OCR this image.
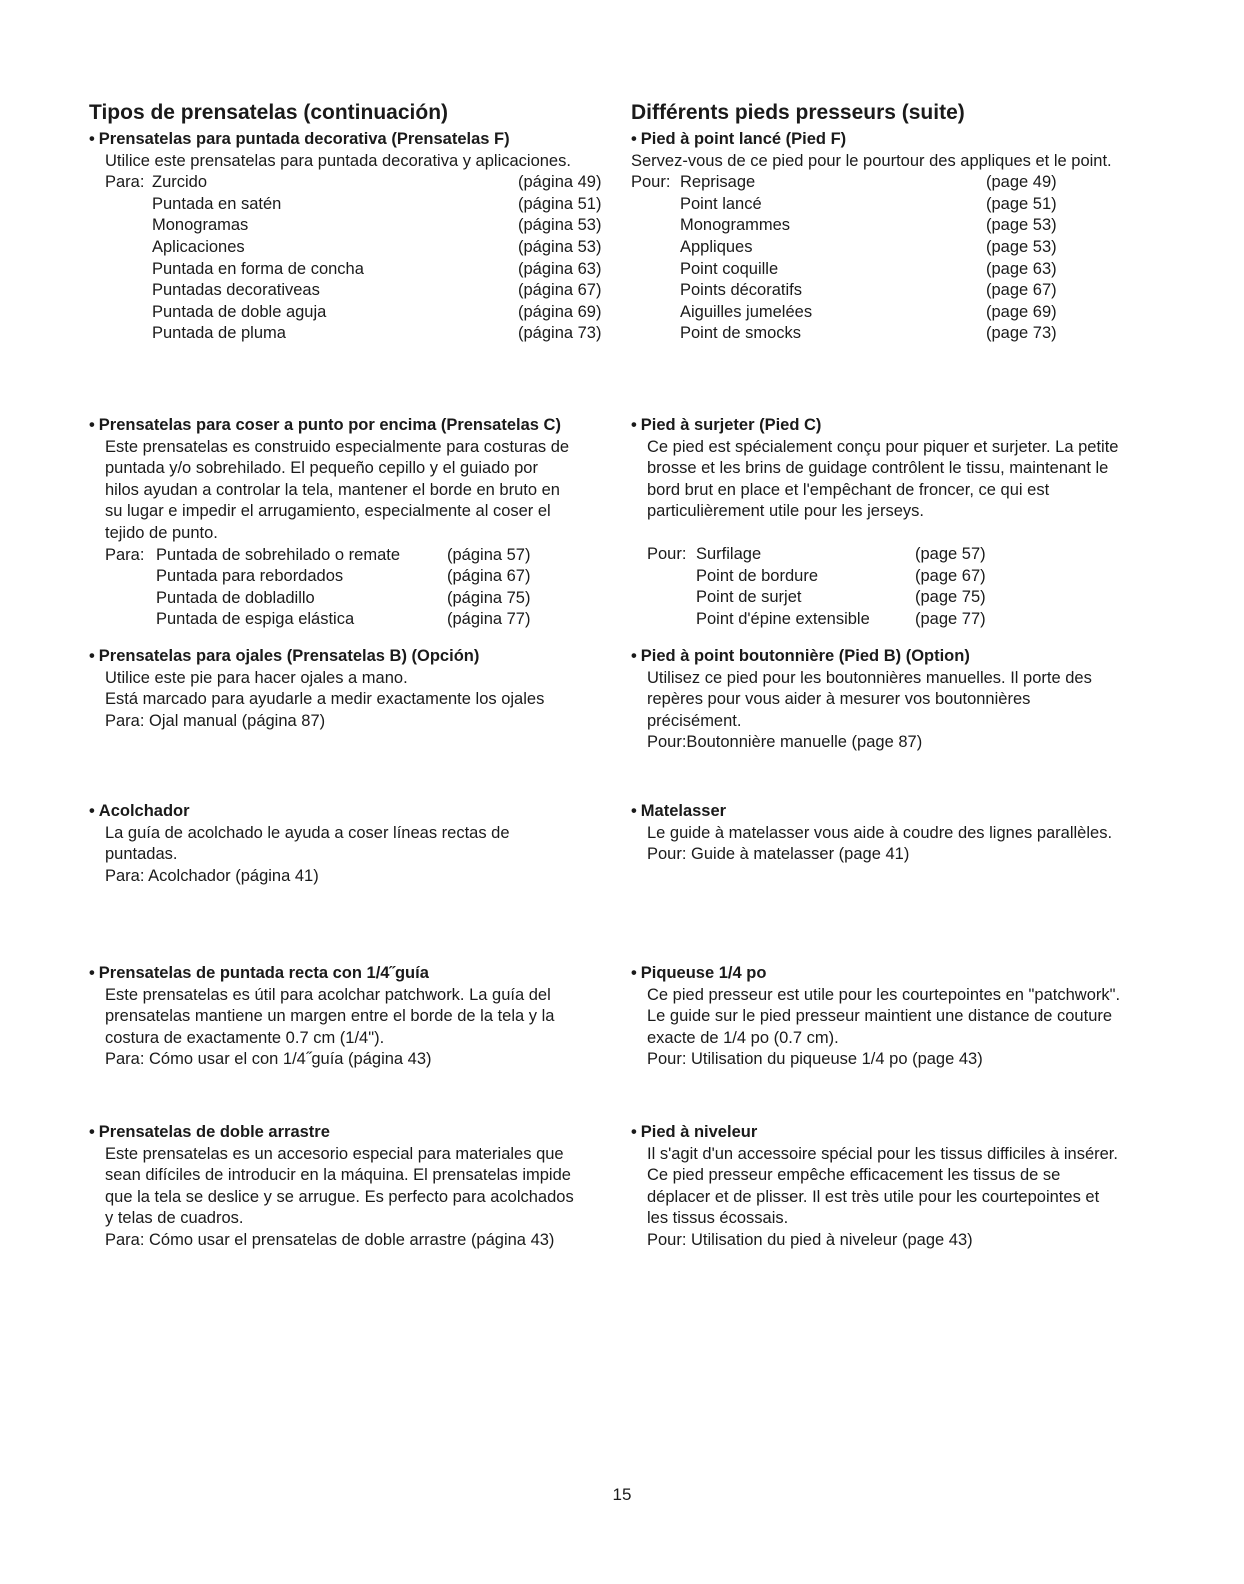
Tipos de prensatelas (continuación)
• Prensatelas para puntada decorativa (Prensatelas F)
Utilice este prensatelas para puntada decorativa y aplicaciones.
Para: Zurcido	(página 49)
Puntada en satén	(página 51)
Monogramas	(página 53)
Aplicaciones	(página 53)
Puntada en forma de concha	(página 63)
Puntadas decorativeas	(página 67)
Puntada de doble aguja	(página 69)
Puntada de pluma	(página 73)
• Prensatelas para coser a punto por encima (Prensatelas C)
Este prensatelas es construido especialmente para costuras de
puntada y/o sobrehilado. El pequeño cepillo y el guiado por
hilos ayudan a controlar la tela, mantener el borde en bruto en
su lugar e impedir el arrugamiento, especialmente al coser el
tejido de punto.
Para: Puntada de sobrehilado o remate	(página 57)
Puntada para rebordados	(página 67)
Puntada de dobladillo	(página 75)
Puntada de espiga elástica	(página 77)
• Prensatelas para ojales (Prensatelas B) (Opción)
Utilice este pie para hacer ojales a mano.
Está marcado para ayudarle a medir exactamente los ojales
Para: Ojal manual (página 87)
• Acolchador
La guía de acolchado le ayuda a coser líneas rectas de
puntadas.
Para: Acolchador (página 41)
• Prensatelas de puntada recta con 1/4˝guía
Este prensatelas es útil para acolchar patchwork. La guía del
prensatelas mantiene un margen entre el borde de la tela y la
costura de exactamente 0.7 cm (1/4").
Para: Cómo usar el con 1/4˝guía (página 43)
• Prensatelas de doble arrastre
Este prensatelas es un accesorio especial para materiales que
sean difíciles de introducir en la máquina. El prensatelas impide
que la tela se deslice y se arrugue. Es perfecto para acolchados
y telas de cuadros.
Para: Cómo usar el prensatelas de doble arrastre (página 43)
Différents pieds presseurs (suite)
• Pied à point lancé (Pied F)
Servez-vous de ce pied pour le pourtour des appliques et le point.
Pour: Reprisage	(page 49)
Point lancé	(page 51)
Monogrammes	(page 53)
Appliques	(page 53)
Point coquille	(page 63)
Points décoratifs	(page 67)
Aiguilles jumelées	(page 69)
Point de smocks	(page 73)
• Pied à surjeter (Pied C)
Ce pied est spécialement conçu pour piquer et surjeter. La petite
brosse et les brins de guidage contrôlent le tissu, maintenant le
bord brut en place et l'empêchant de froncer, ce qui est
particulièrement utile pour les jerseys.
Pour: Surfilage	(page 57)
Point de bordure	(page 67)
Point de surjet	(page 75)
Point d'épine extensible	(page 77)
• Pied à point boutonnière (Pied B) (Option)
Utilisez ce pied pour les boutonnières manuelles. Il porte des
repères pour vous aider à mesurer vos boutonnières
précisément.
Pour:Boutonnière manuelle (page 87)
• Matelasser
Le guide à matelasser vous aide à coudre des lignes parallèles.
Pour: Guide à matelasser (page 41)
• Piqueuse 1/4 po
Ce pied presseur est utile pour les courtepointes en "patchwork".
Le guide sur le pied presseur maintient une distance de couture
exacte de 1/4 po (0.7 cm).
Pour: Utilisation du piqueuse 1/4 po (page 43)
• Pied à niveleur
Il s'agit d'un accessoire spécial pour les tissus difficiles à insérer.
Ce pied presseur empêche efficacement les tissus de se
déplacer et de plisser. Il est très utile pour les courtepointes et
les tissus écossais.
Pour: Utilisation du pied à niveleur (page 43)
15
